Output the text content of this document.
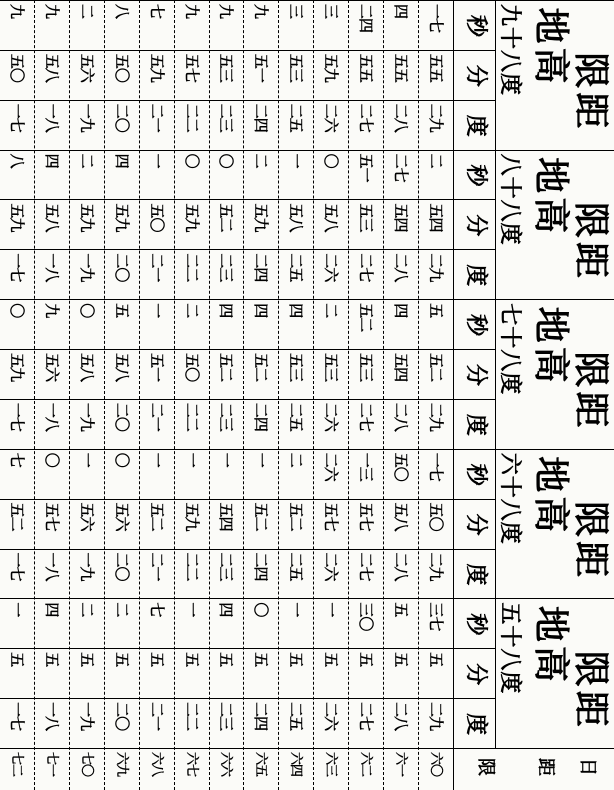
日
距
限
限距
地高
五十八度
度
分
秒
限距
地高
六十八度
度
分
秒
限距
地高
七十八度
度
分
秒
限距
地高
八十八度
度
分
秒
限距
地高
九十八度
度
分
秒
六〇
六一
六二
六三
六四
六五
六六
六七
六八
六九
七〇
七一
七二
二九
五
三七
二九
五〇
一七
二九
五二
五
二九
五四
二
二九
五五
一七
二八
五
五
二八
五八
五〇
二八
五四
四
二八
五四
二七
二八
五五
四
二七
五
三〇
二七
五七
一三
二七
五三
五二
二七
五三
五一
二七
五五
二四
二六
五
一
二六
五七
二六
二六
五三
二
二六
五八
〇
二六
五九
三
二五
五
一
二五
五二
二
二五
五三
四
二五
五八
一
二五
五三
三
二四
五
〇
二四
五二
一
二四
五二
四
二四
五九
二
二四
五一
九
二三
五
四
二三
五四
一
二三
五二
四
二三
五二
〇
二三
五三
九
二二
五
一
二二
五九
一
二二
五〇
二
二二
五九
〇
二二
五七
九
二一
五
七
二一
五二
一
二一
五一
一
二一
五〇
一
二一
五九
七
二〇
五
二
二〇
五六
〇
二〇
五八
五
二〇
五九
四
二〇
五〇
八
一九
五
二
一九
五六
一
一九
五八
〇
一九
五九
二
一九
五六
二
一八
五
四
一八
五七
〇
一八
五六
九
一八
五八
四
一八
五八
九
一七
五
一
一七
五二
七
一七
五九
〇
一七
五九
八
一七
五〇
九
